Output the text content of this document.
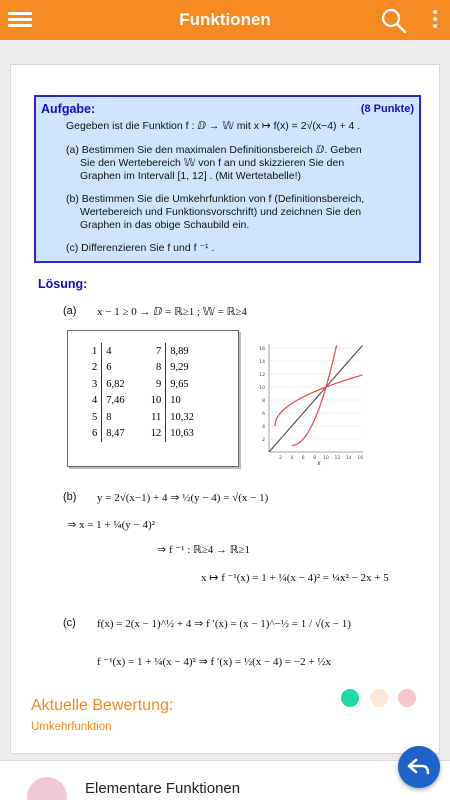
Funktionen
Aufgabe:	(8 Punkte)

Gegeben ist die Funktion f : ⅅ → 𝕎 mit x ↦ f(x) = 2√(x−4) + 4 .

(a) Bestimmen Sie den maximalen Definitionsbereich ⅅ. Geben

Sie den Wertebereich 𝕎 von f an und skizzieren Sie den

Graphen im Intervall [1, 12] . (Mit Wertetabelle!)

(b) Bestimmen Sie die Umkehrfunktion von f (Definitionsbereich,

Wertebereich und Funktionsvorschrift) und zeichnen Sie den

Graphen in das obige Schaubild ein.

(c) Differenzieren Sie f und f ⁻¹ .

Lösung:
(a) x − 1 ≥ 0 → ⅅ = ℝ≥1 ; 𝕎 = ℝ≥4
1	4	7	8,89
2	6	8	9,29
3	6,82	9	9,65
4	7,46	10	10
5	8	11	10,32
6	8,47	12	10,63
16
14
12
10
8
6
4
2
2 4 6 8 10 12 14 16
x
(b) y = 2√(x−1) + 4 ⇒ ½(y − 4) = √(x − 1)
⇒ x = 1 + ¼(y − 4)²
⇒ f ⁻¹ : ℝ≥4 → ℝ≥1
x ↦ f ⁻¹(x) = 1 + ¼(x − 4)² = ¼x² − 2x + 5
(c) f(x) = 2(x − 1)^½ + 4 ⇒ f ′(x) = (x − 1)^−½ = 1 / √(x − 1)
f ⁻¹(x) = 1 + ¼(x − 4)² ⇒ f ′(x) = ½(x − 4) = −2 + ½x
Aktuelle Bewertung:
Umkehrfunktion
Elementare Funktionen
